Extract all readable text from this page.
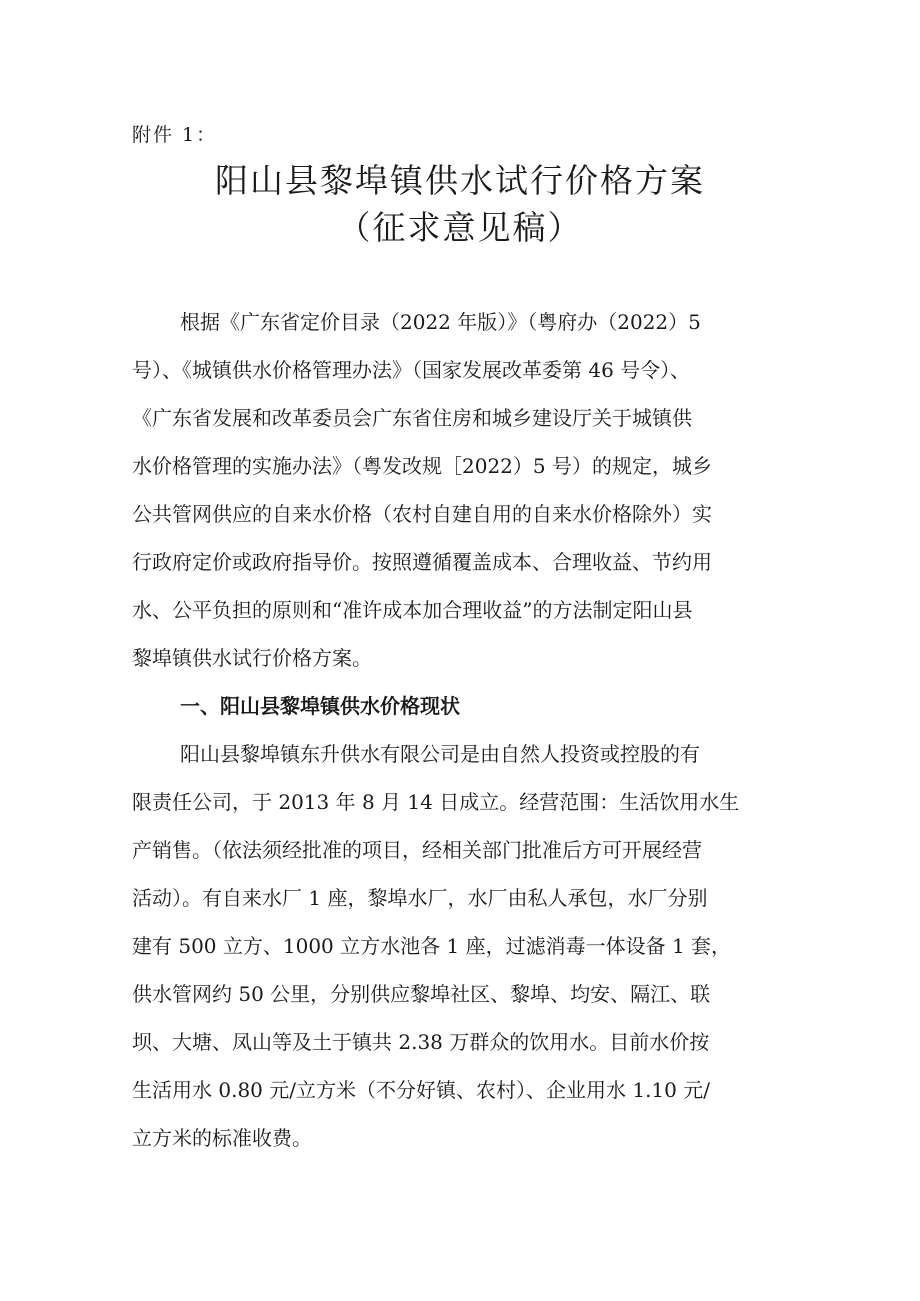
附件 1：
阳山县黎埠镇供水试行价格方案
（征求意见稿）
根据《广东省定价目录（2022 年版）》（粤府办（2022）5
号）、《城镇供水价格管理办法》（国家发展改革委第 46 号令）、
《广东省发展和改革委员会广东省住房和城乡建设厅关于城镇供
水价格管理的实施办法》（粤发改规［2022）5 号）的规定，城乡
公共管网供应的自来水价格（农村自建自用的自来水价格除外）实
行政府定价或政府指导价。按照遵循覆盖成本、合理收益、节约用
水、公平负担的原则和“准许成本加合理收益”的方法制定阳山县
黎埠镇供水试行价格方案。
一、阳山县黎埠镇供水价格现状
阳山县黎埠镇东升供水有限公司是由自然人投资或控股的有
限责任公司，于 2013 年 8 月 14 日成立。经营范围：生活饮用水生
产销售。（依法须经批准的项目，经相关部门批准后方可开展经营
活动）。有自来水厂 1 座，黎埠水厂，水厂由私人承包，水厂分别
建有 500 立方、1000 立方水池各 1 座，过滤消毒一体设备 1 套，
供水管网约 50 公里，分别供应黎埠社区、黎埠、均安、隔江、联
坝、大塘、凤山等及土于镇共 2.38 万群众的饮用水。目前水价按
生活用水 0.80 元/立方米（不分好镇、农村）、企业用水 1.10 元/
立方米的标准收费。
